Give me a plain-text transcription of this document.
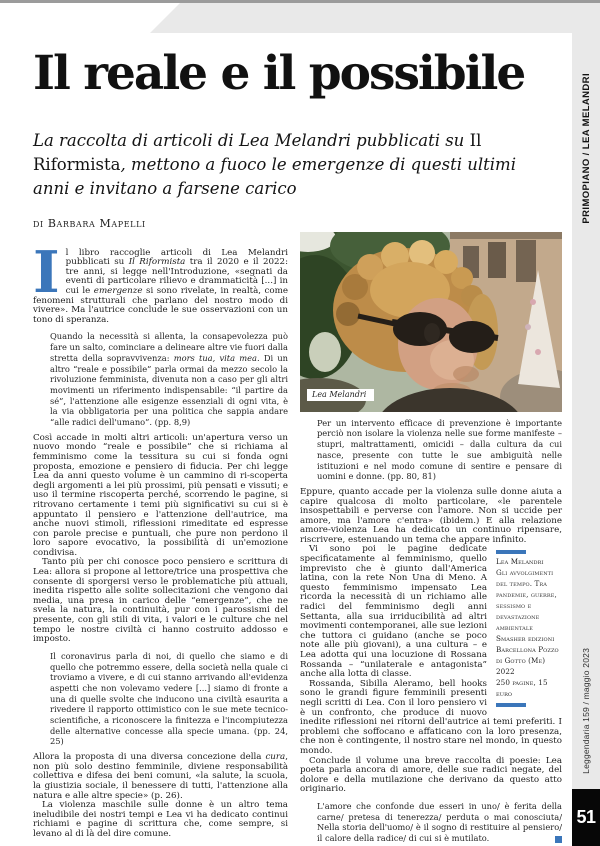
PRIMOPIANO / LEA MELANDRI
Leggendaria 159 / maggio 2023
51
Il reale e il possibile
La raccolta di articoli di Lea Melandri pubblicati su Il Riformista, mettono a fuoco le emergenze di questi ultimi anni e invitano a farsene carico
di Barbara Mapelli

Il libro raccoglie articoli di Lea Melandri pubblicati su Il Riformista tra il 2020 e il 2022: tre anni, si legge nell'Introduzione, «segnati da eventi di particolare rilievo e drammaticità [...] in cui le emergenze si sono rivelate, in realtà, come fenomeni strutturali che parlano del nostro modo di vivere». Ma l'autrice conclude le sue osservazioni con un tono di speranza.

Quando la necessità si allenta, la consapevolezza può fare un salto, cominciare a delineare altre vie fuori dalla stretta della sopravvivenza: mors tua, vita mea. Di un altro “reale e possibile” parla ormai da mezzo secolo la rivoluzione femminista, divenuta non a caso per gli altri movimenti un riferimento indispensabile: “il partire da sé”, l'attenzione alle esigenze essenziali di ogni vita, è la via obbligatoria per una politica che sappia andare “alle radici dell'umano”. (pp. 8,9)

Così accade in molti altri articoli: un'apertura verso un nuovo mondo “reale e possibile” che si richiama al femminismo come la tessitura su cui si fonda ogni proposta, emozione e pensiero di fiducia. Per chi legge Lea da anni questo volume è un cammino di ri-scoperta degli argomenti a lei più prossimi, più pensati e vissuti; e uso il termine riscoperta perché, scorrendo le pagine, si ritrovano certamente i temi più significativi su cui si è appuntato il pensiero e l'attenzione dell'autrice, ma anche nuovi stimoli, riflessioni rimeditate ed espresse con parole precise e puntuali, che pure non perdono il loro sapore evocativo, la possibilità di un'emozione condivisa.

Tanto più per chi conosce poco pensiero e scrittura di Lea: allora si propone al lettore/trice una prospettiva che consente di sporgersi verso le problematiche più attuali, inedita rispetto alle solite sollecitazioni che vengono dai media, una presa in carico delle “emergenze”, che ne svela la natura, la continuità, pur con i parossismi del presente, con gli stili di vita, i valori e le culture che nel tempo le nostre civiltà ci hanno costruito addosso e imposto.

Il coronavirus parla di noi, di quello che siamo e di quello che potremmo essere, della società nella quale ci troviamo a vivere, e di cui stanno arrivando all'evidenza aspetti che non volevamo vedere [...] siamo di fronte a una di quelle svolte che inducono una civiltà esaurita a rivedere il rapporto ottimistico con le sue mete tecnico-scientifiche, a riconoscere la finitezza e l'incompiutezza delle alternative concesse alla specie umana. (pp. 24, 25)

Allora la proposta di una diversa concezione della cura, non più solo destino femminile, diviene responsabilità collettiva e difesa dei beni comuni, «la salute, la scuola, la giustizia sociale, il benessere di tutti, l'attenzione alla natura e alle altre specie» (p. 26).

La violenza maschile sulle donne è un altro tema ineludibile dei nostri tempi e Lea vi ha dedicato continui richiami e pagine di scrittura che, come sempre, si levano al di là del dire comune.

Lea Melandri
Per un intervento efficace di prevenzione è importante perciò non isolare la violenza nelle sue forme manifeste – stupri, maltrattamenti, omicidi – dalla cultura da cui nasce, presente con tutte le sue ambiguità nelle istituzioni e nel modo comune di sentire e pensare di uomini e donne. (pp. 80, 81)

Eppure, quanto accade per la violenza sulle donne aiuta a capire qualcosa di molto particolare, «le parentele insospettabili e perverse con l'amore. Non si uccide per amore, ma l'amore c'entra» (ibidem.) E alla relazione amore-violenza Lea ha dedicato un continuo ripensare, riscrivere, estenuando un tema che appare infinito.

Lea Melandri
Gli avvolgimenti del tempo. Tra pandemie, guerre, sessismo e devastazione ambientale
Smasher edizioni Barcellona Pozzo di Gotto (Me) 2022
250 pagine, 15 euro

Vi sono poi le pagine dedicate specificatamente al femminismo, quello imprevisto che è giunto dall'America latina, con la rete Non Una di Meno. A questo femminismo impensato Lea ricorda la necessità di un richiamo alle radici del femminismo degli anni Settanta, alla sua irriducibilità ad altri movimenti contemporanei, alle sue lezioni che tuttora ci guidano (anche se poco note alle più giovani), a una cultura – e Lea adotta qui una locuzione di Rossana Rossanda – “unilaterale e antagonista” anche alla lotta di classe.

Rossanda, Sibilla Aleramo, bell hooks sono le grandi figure femminili presenti negli scritti di Lea. Con il loro pensiero vi è un confronto, che produce di nuovo inedite riflessioni nei ritorni dell'autrice ai temi preferiti. I problemi che soffocano e affaticano con la loro presenza, che non è contingente, il nostro stare nel mondo, in questo mondo.

Conclude il volume una breve raccolta di poesie: Lea poeta parla ancora di amore, delle sue radici negate, del dolore e della mutilazione che derivano da questo atto originario.

L'amore che confonde due esseri in uno/ è ferita della carne/ pretesa di tenerezza/ perduta o mai conosciuta/ Nella storia dell'uomo/ è il sogno di restituire al pensiero/ il calore della radice/ di cui si è mutilato.
